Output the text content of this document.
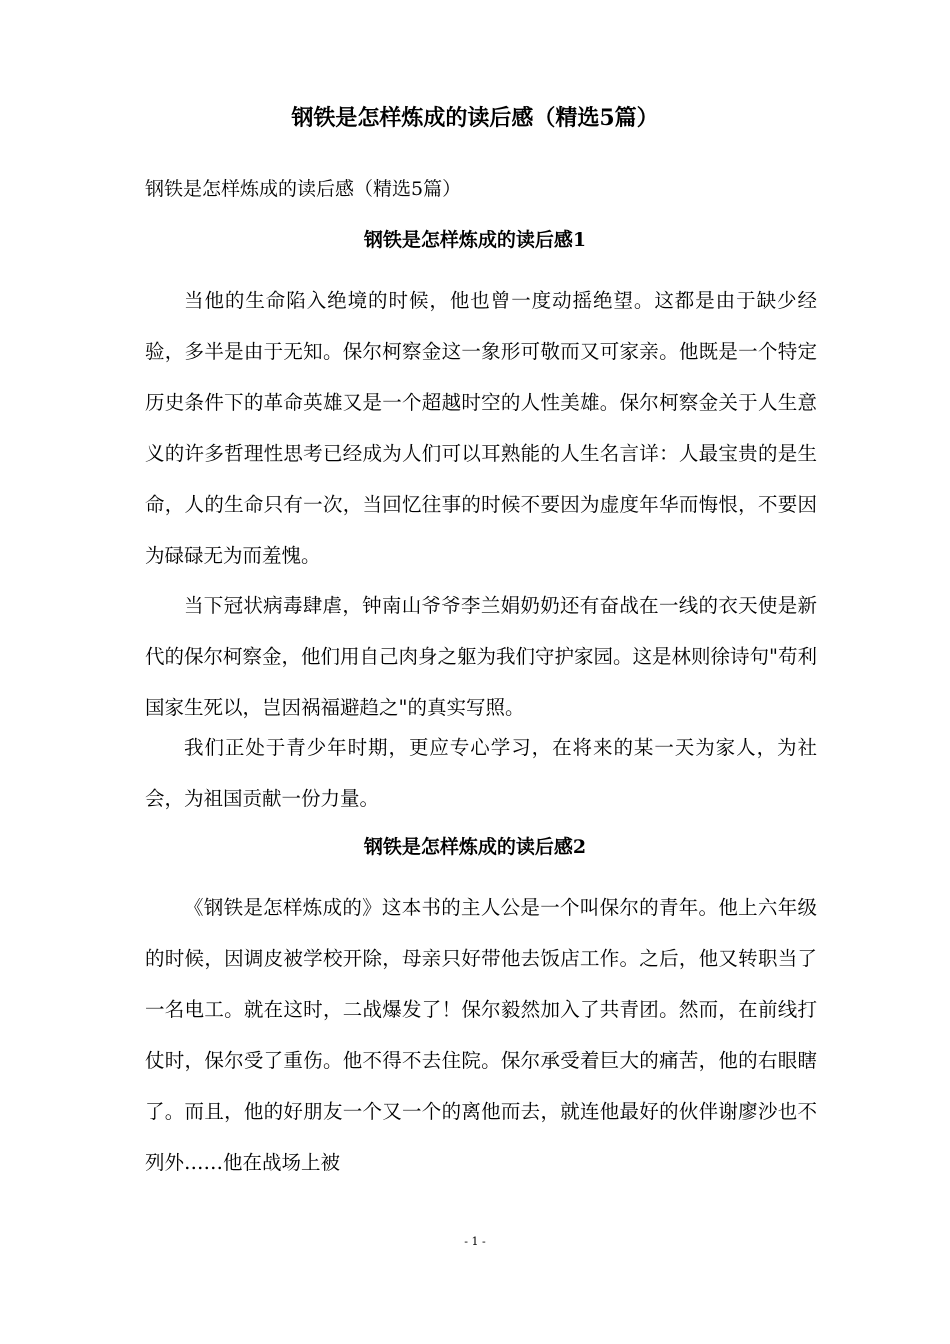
钢铁是怎样炼成的读后感（精选5篇）
钢铁是怎样炼成的读后感（精选5篇）
钢铁是怎样炼成的读后感1

当他的生命陷入绝境的时候，他也曾一度动摇绝望。这都是由于缺少经验，多半是由于无知。保尔柯察金这一象形可敬而又可家亲。他既是一个特定历史条件下的革命英雄又是一个超越时空的人性美雄。保尔柯察金关于人生意义的许多哲理性思考已经成为人们可以耳熟能的人生名言详：人最宝贵的是生命，人的生命只有一次，当回忆往事的时候不要因为虚度年华而悔恨，不要因为碌碌无为而羞愧。

当下冠状病毒肆虐，钟南山爷爷李兰娟奶奶还有奋战在一线的衣天使是新代的保尔柯察金，他们用自己肉身之躯为我们守护家园。这是林则徐诗句"苟利国家生死以，岂因祸福避趋之"的真实写照。

我们正处于青少年时期，更应专心学习，在将来的某一天为家人，为社会，为祖国贡献一份力量。

钢铁是怎样炼成的读后感2

《钢铁是怎样炼成的》这本书的主人公是一个叫保尔的青年。他上六年级的时候，因调皮被学校开除，母亲只好带他去饭店工作。之后，他又转职当了一名电工。就在这时，二战爆发了！保尔毅然加入了共青团。然而，在前线打仗时，保尔受了重伤。他不得不去住院。保尔承受着巨大的痛苦，他的右眼瞎了。而且，他的好朋友一个又一个的离他而去，就连他最好的伙伴谢廖沙也不列外……他在战场上被

- 1 -
